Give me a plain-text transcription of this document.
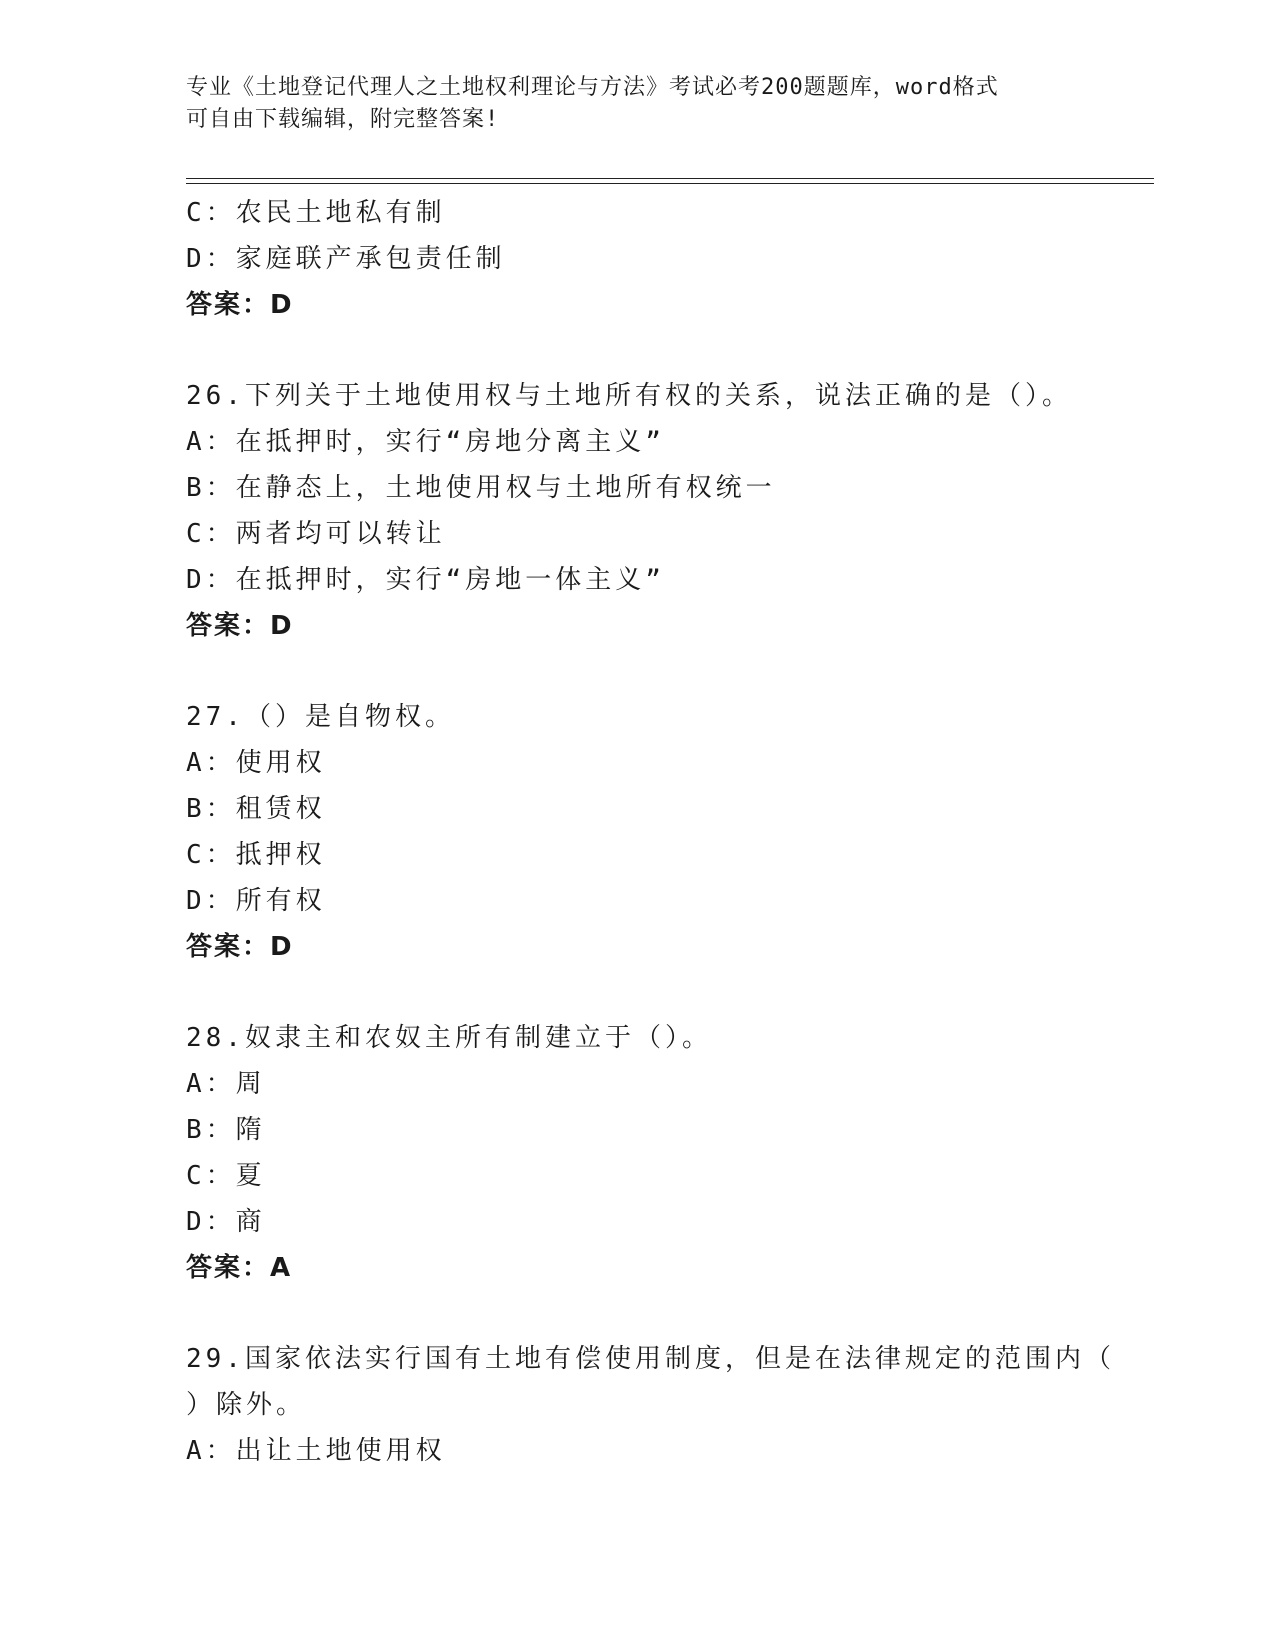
专业《土地登记代理人之土地权利理论与方法》考试必考200题题库，word格式
可自由下载编辑，附完整答案!
C：农民土地私有制
D：家庭联产承包责任制
答案：D
26.下列关于土地使用权与土地所有权的关系，说法正确的是（）。
A：在抵押时，实行“房地分离主义”
B：在静态上，土地使用权与土地所有权统一
C：两者均可以转让
D：在抵押时，实行“房地一体主义”
答案：D
27.（）是自物权。
A：使用权
B：租赁权
C：抵押权
D：所有权
答案：D
28.奴隶主和农奴主所有制建立于（）。
A：周
B：隋
C：夏
D：商
答案：A
29.国家依法实行国有土地有偿使用制度，但是在法律规定的范围内（
）除外。
A：出让土地使用权
